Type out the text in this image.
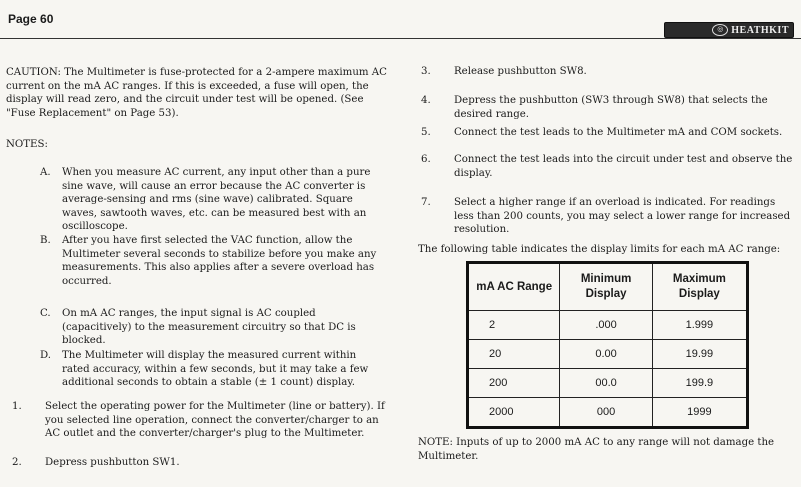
Page 60
◎ HEATHKIT
CAUTION: The Multimeter is fuse-protected for a 2-ampere maximum AC current on the mA AC ranges. If this is exceeded, a fuse will open, the display will read zero, and the circuit under test will be opened. (See "Fuse Replacement" on Page 53).
NOTES:
A. When you measure AC current, any input other than a pure sine wave, will cause an error because the AC converter is average-sensing and rms (sine wave) calibrated. Square waves, sawtooth waves, etc. can be measured best with an oscilloscope.
B. After you have first selected the VAC function, allow the Multimeter several seconds to stabilize before you make any measurements. This also applies after a severe overload has occurred.
C. On mA AC ranges, the input signal is AC coupled (capacitively) to the measurement circuitry so that DC is blocked.
D. The Multimeter will display the measured current within rated accuracy, within a few seconds, but it may take a few additional seconds to obtain a stable (± 1 count) display.
1. Select the operating power for the Multimeter (line or battery). If you selected line operation, connect the converter/charger to an AC outlet and the converter/charger's plug to the Multimeter.
2. Depress pushbutton SW1.
3. Release pushbutton SW8.
4. Depress the pushbutton (SW3 through SW8) that selects the desired range.
5. Connect the test leads to the Multimeter mA and COM sockets.
6. Connect the test leads into the circuit under test and observe the display.
7. Select a higher range if an overload is indicated. For readings less than 200 counts, you may select a lower range for increased resolution.
The following table indicates the display limits for each mA AC range:
mA AC Range	Minimum Display	Maximum Display
2	.000	1.999
20	0.00	19.99
200	00.0	199.9
2000	000	1999
NOTE: Inputs of up to 2000 mA AC to any range will not damage the Multimeter.
